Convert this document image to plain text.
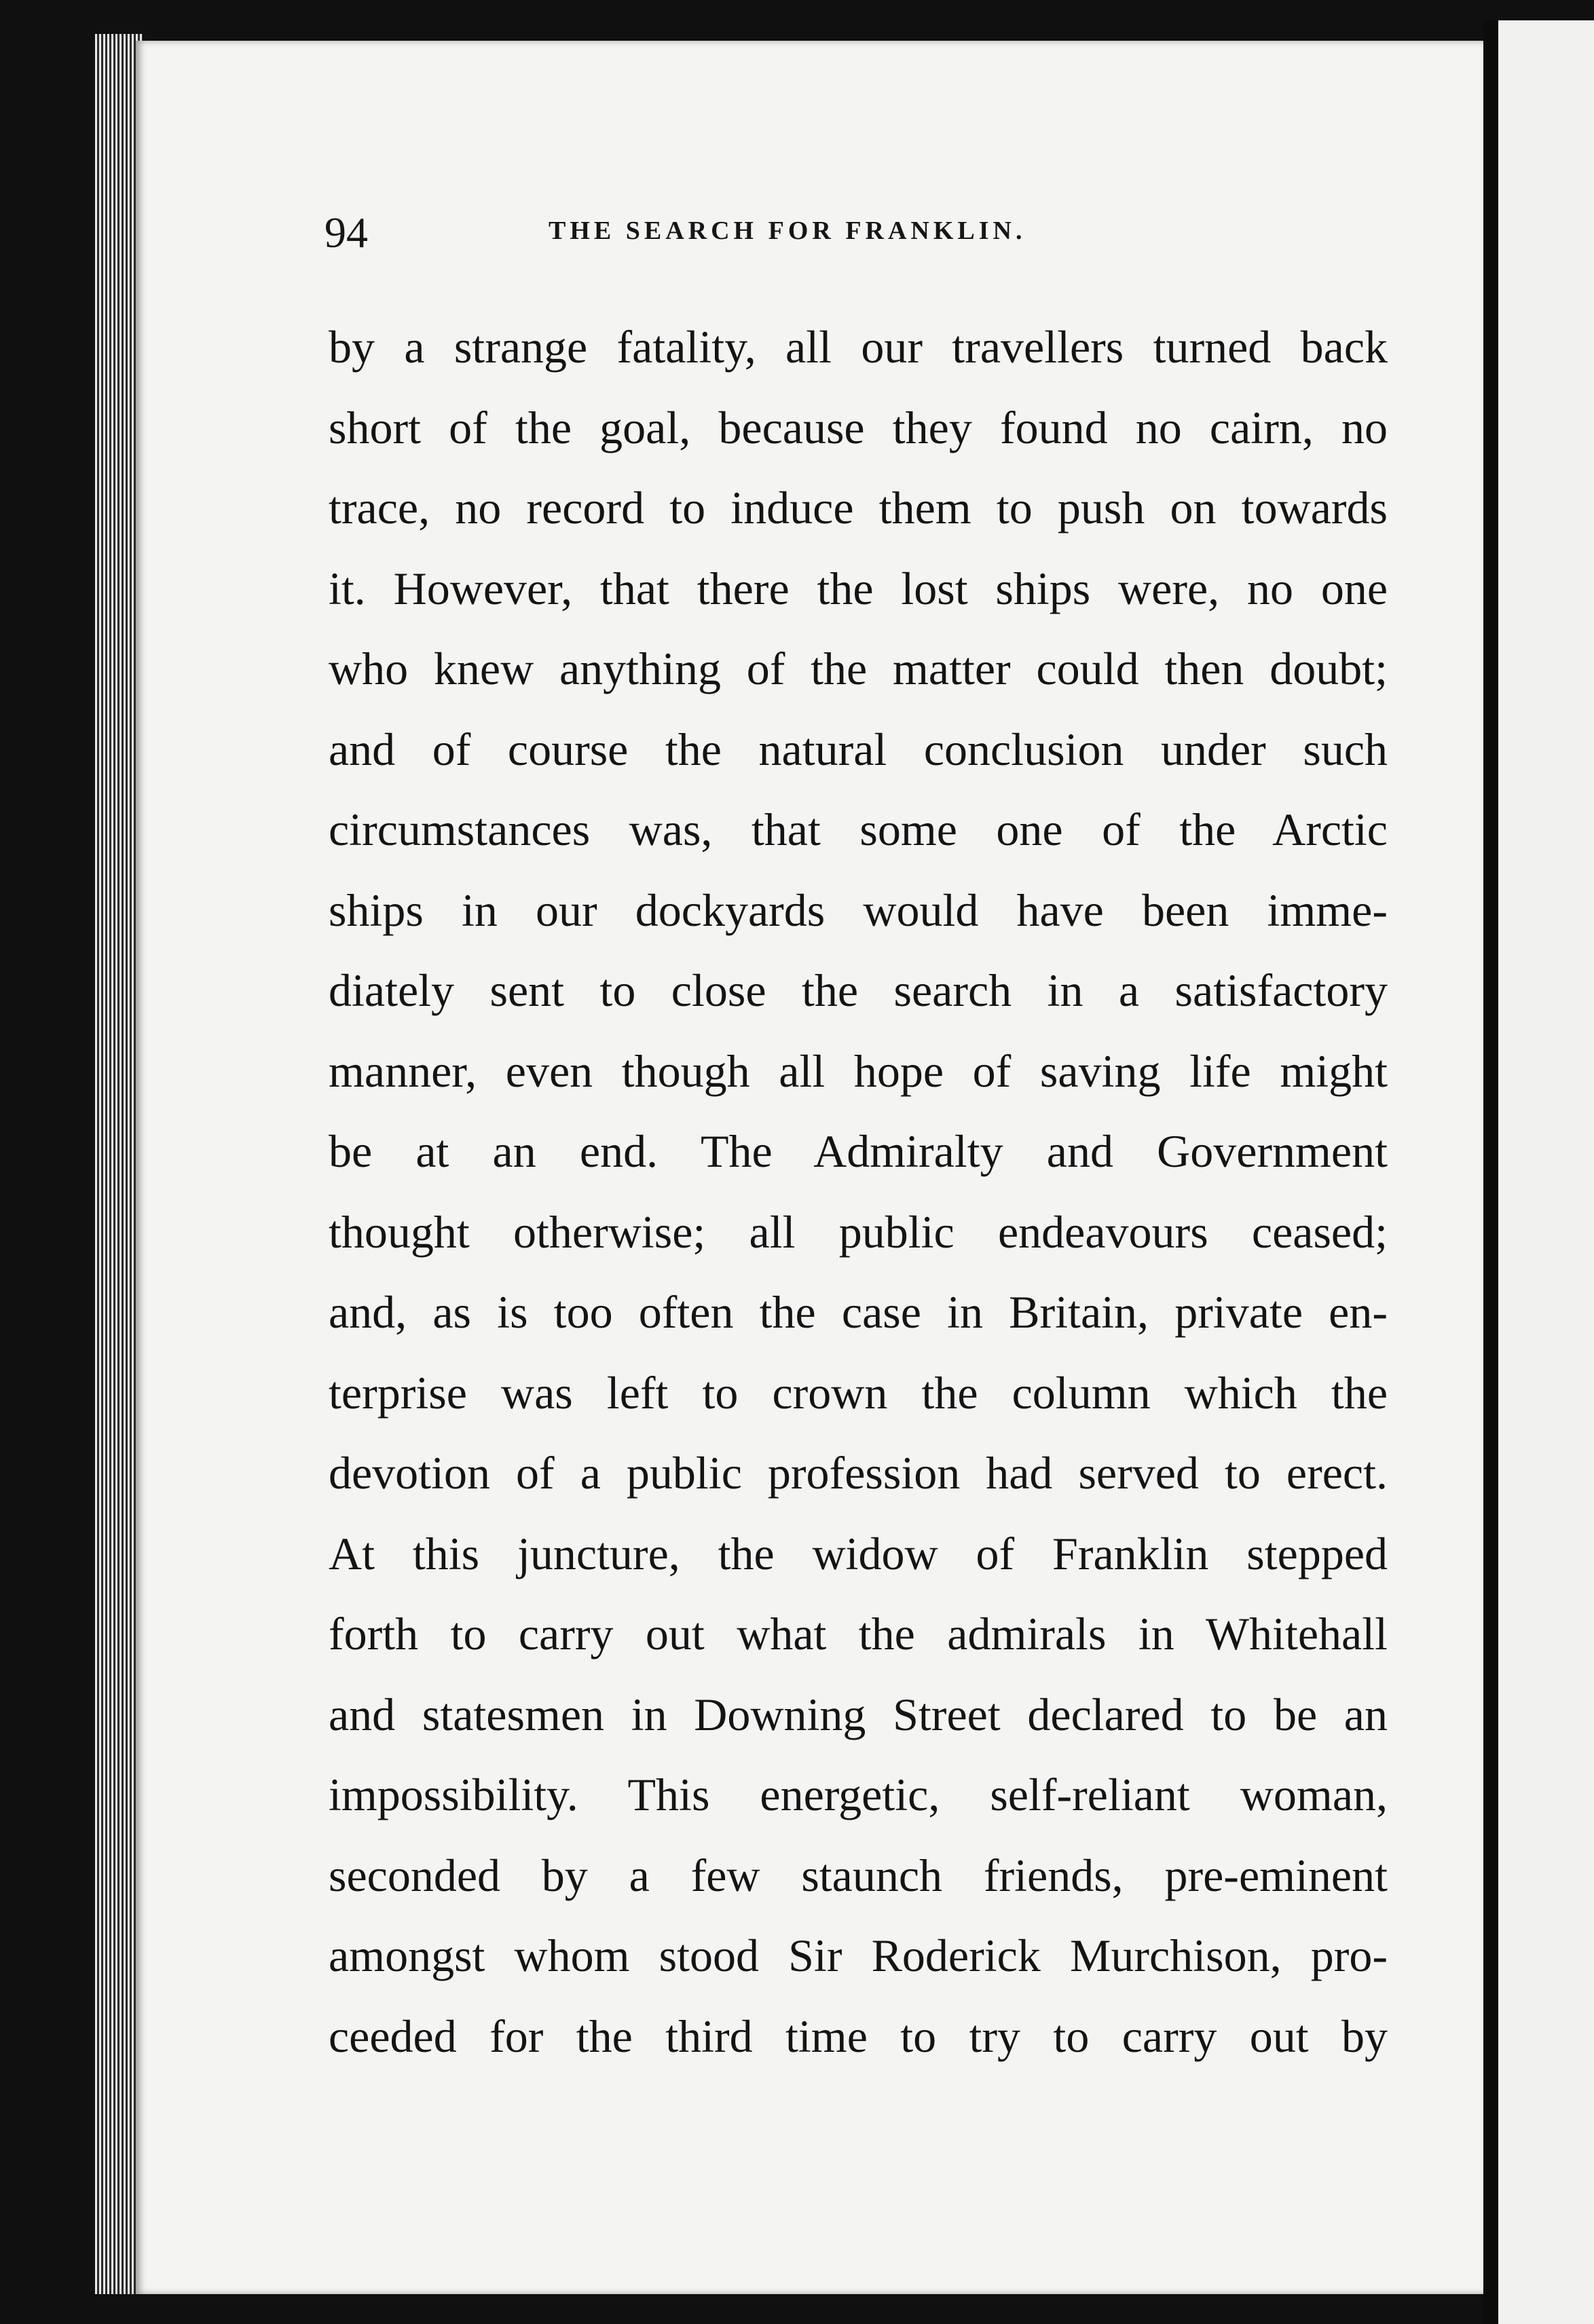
94	THE SEARCH FOR FRANKLIN.
by a strange fatality, all our travellers turned back
short of the goal, because they found no cairn, no
trace, no record to induce them to push on towards
it. However, that there the lost ships were, no one
who knew anything of the matter could then doubt;
and of course the natural conclusion under such
circumstances was, that some one of the Arctic
ships in our dockyards would have been imme-
diately sent to close the search in a satisfactory
manner, even though all hope of saving life might
be at an end. The Admiralty and Government
thought otherwise; all public endeavours ceased;
and, as is too often the case in Britain, private en-
terprise was left to crown the column which the
devotion of a public profession had served to erect.
At this juncture, the widow of Franklin stepped
forth to carry out what the admirals in Whitehall
and statesmen in Downing Street declared to be an
impossibility. This energetic, self-reliant woman,
seconded by a few staunch friends, pre-eminent
amongst whom stood Sir Roderick Murchison, pro-
ceeded for the third time to try to carry out by
